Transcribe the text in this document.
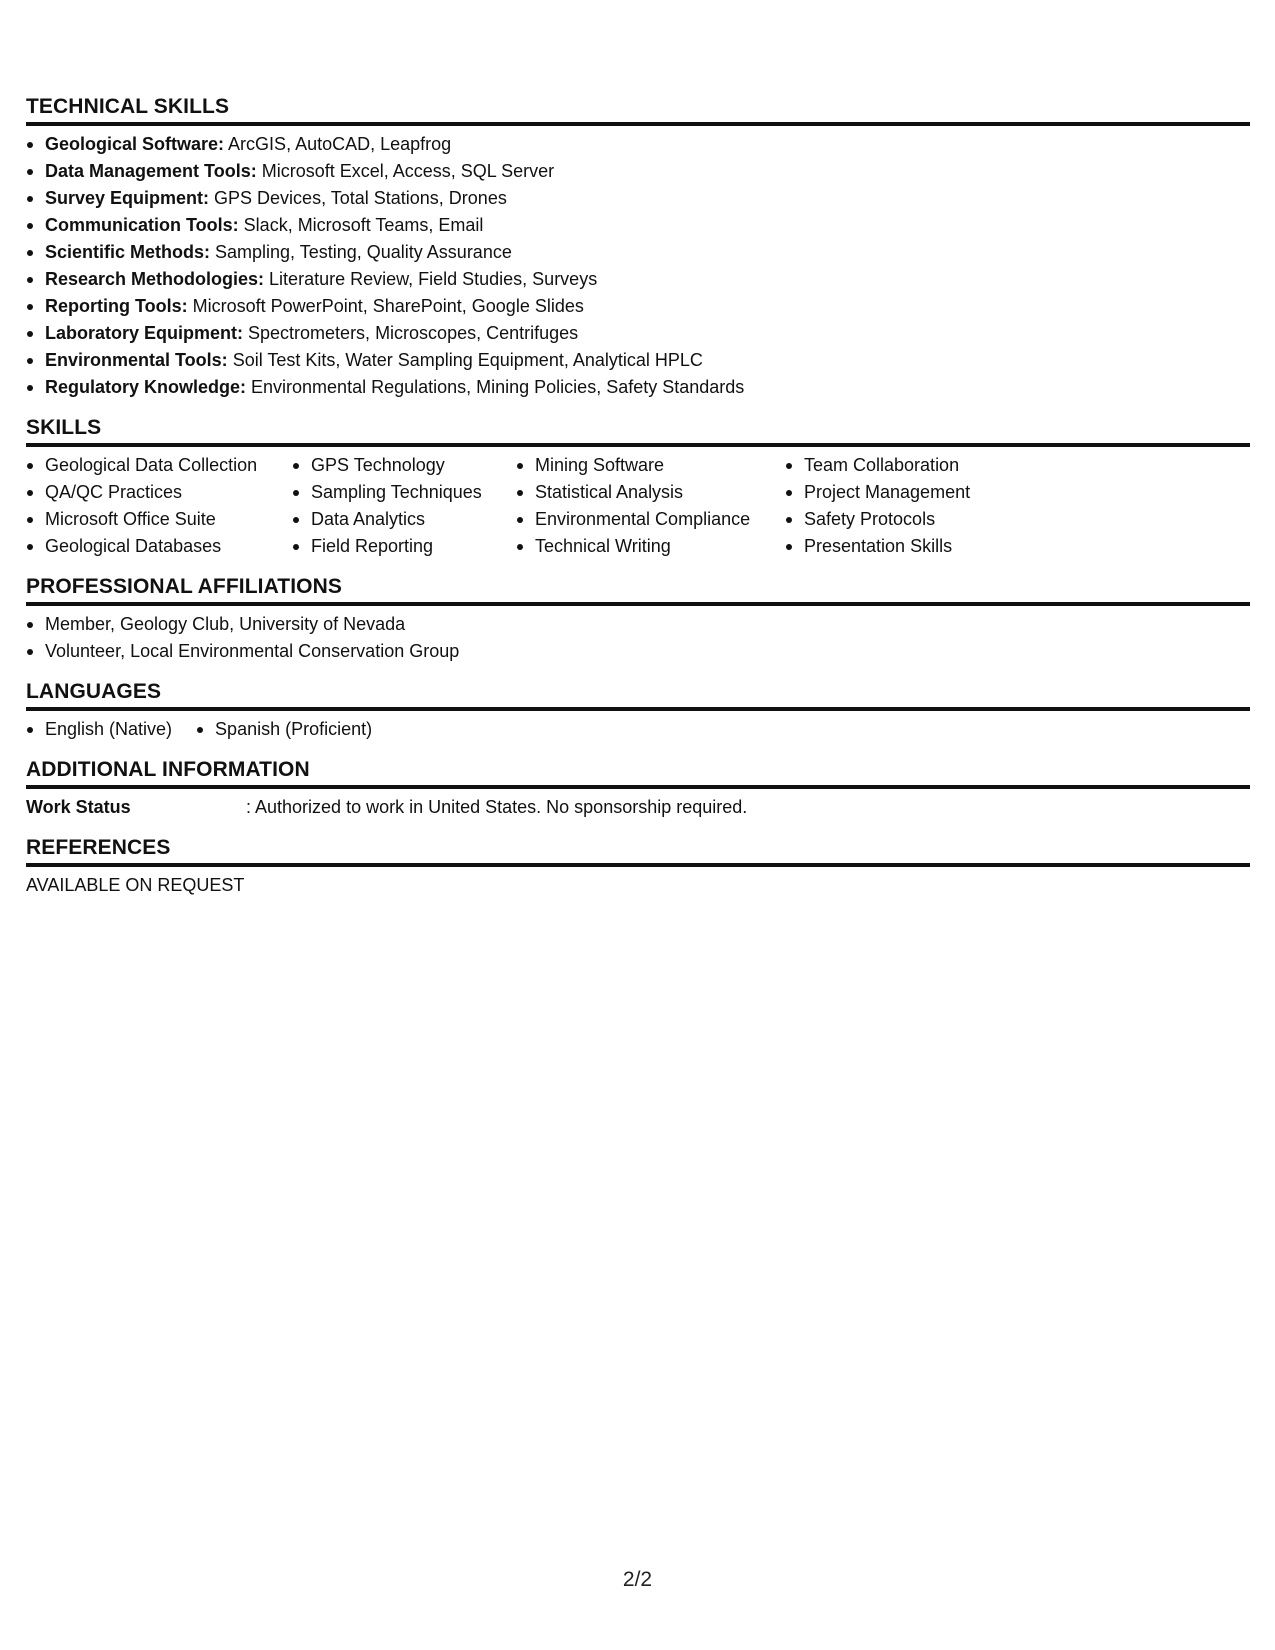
TECHNICAL SKILLS
Geological Software: ArcGIS, AutoCAD, Leapfrog
Data Management Tools: Microsoft Excel, Access, SQL Server
Survey Equipment: GPS Devices, Total Stations, Drones
Communication Tools: Slack, Microsoft Teams, Email
Scientific Methods: Sampling, Testing, Quality Assurance
Research Methodologies: Literature Review, Field Studies, Surveys
Reporting Tools: Microsoft PowerPoint, SharePoint, Google Slides
Laboratory Equipment: Spectrometers, Microscopes, Centrifuges
Environmental Tools: Soil Test Kits, Water Sampling Equipment, Analytical HPLC
Regulatory Knowledge: Environmental Regulations, Mining Policies, Safety Standards
SKILLS
Geological Data Collection
QA/QC Practices
Microsoft Office Suite
Geological Databases
GPS Technology
Sampling Techniques
Data Analytics
Field Reporting
Mining Software
Statistical Analysis
Environmental Compliance
Technical Writing
Team Collaboration
Project Management
Safety Protocols
Presentation Skills
PROFESSIONAL AFFILIATIONS
Member, Geology Club, University of Nevada
Volunteer, Local Environmental Conservation Group
LANGUAGES
English (Native)	Spanish (Proficient)
ADDITIONAL INFORMATION
Work Status	: Authorized to work in United States. No sponsorship required.
REFERENCES
AVAILABLE ON REQUEST
2/2
